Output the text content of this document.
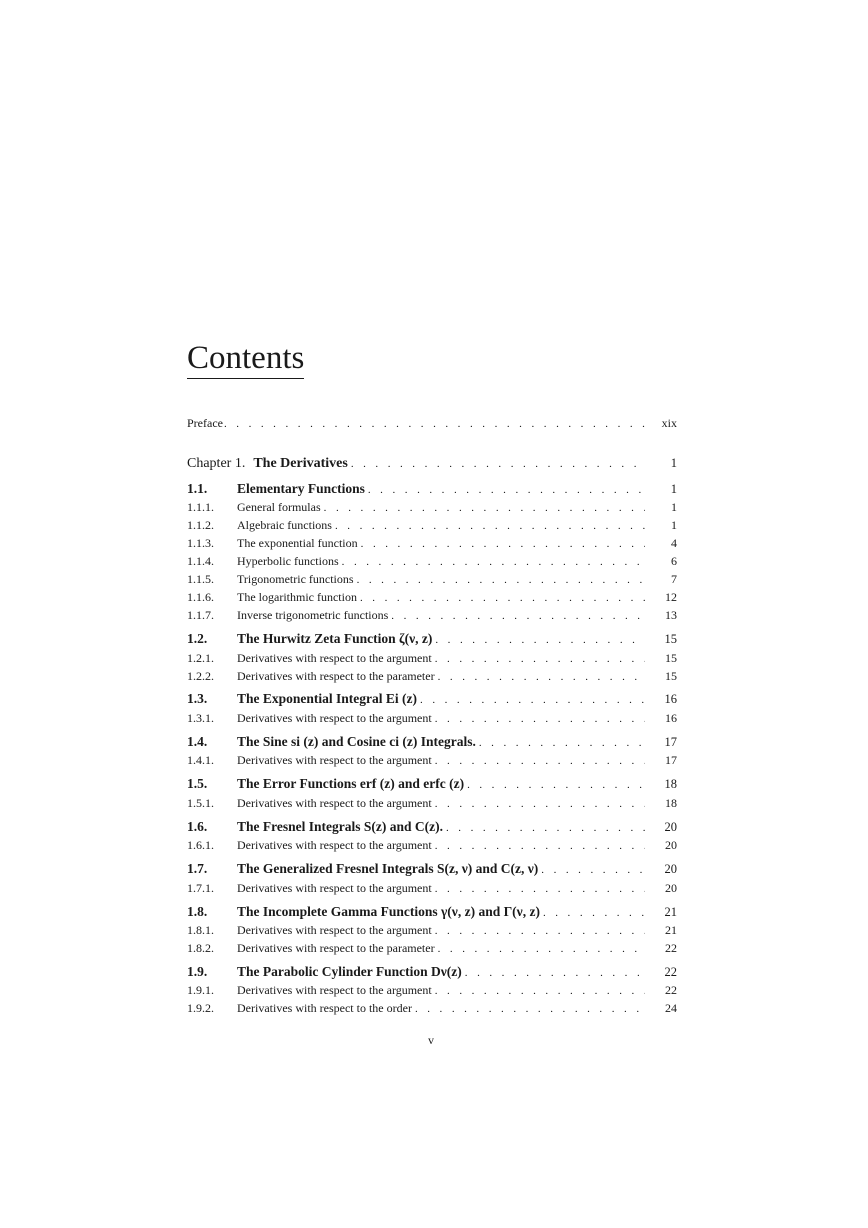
Contents
Preface . . .	xix
Chapter 1. The Derivatives . . .	1
1.1.	Elementary Functions . . .	1
1.1.1.	General formulas . . .	1
1.1.2.	Algebraic functions . . .	1
1.1.3.	The exponential function . . .	4
1.1.4.	Hyperbolic functions . . .	6
1.1.5.	Trigonometric functions . . .	7
1.1.6.	The logarithmic function . . .	12
1.1.7.	Inverse trigonometric functions . . .	13
1.2.	The Hurwitz Zeta Function ζ(ν, z) . . .	15
1.2.1.	Derivatives with respect to the argument . . .	15
1.2.2.	Derivatives with respect to the parameter . . .	15
1.3.	The Exponential Integral Ei (z) . . .	16
1.3.1.	Derivatives with respect to the argument . . .	16
1.4.	The Sine si (z) and Cosine ci (z) Integrals. . . .	17
1.4.1.	Derivatives with respect to the argument . . .	17
1.5.	The Error Functions erf (z) and erfc (z) . . .	18
1.5.1.	Derivatives with respect to the argument . . .	18
1.6.	The Fresnel Integrals S(z) and C(z). . . .	20
1.6.1.	Derivatives with respect to the argument . . .	20
1.7.	The Generalized Fresnel Integrals S(z, ν) and C(z, ν) . . .	20
1.7.1.	Derivatives with respect to the argument . . .	20
1.8.	The Incomplete Gamma Functions γ(ν, z) and Γ(ν, z) . . .	21
1.8.1.	Derivatives with respect to the argument . . .	21
1.8.2.	Derivatives with respect to the parameter . . .	22
1.9.	The Parabolic Cylinder Function Dν(z) . . .	22
1.9.1.	Derivatives with respect to the argument . . .	22
1.9.2.	Derivatives with respect to the order . . .	24
v
